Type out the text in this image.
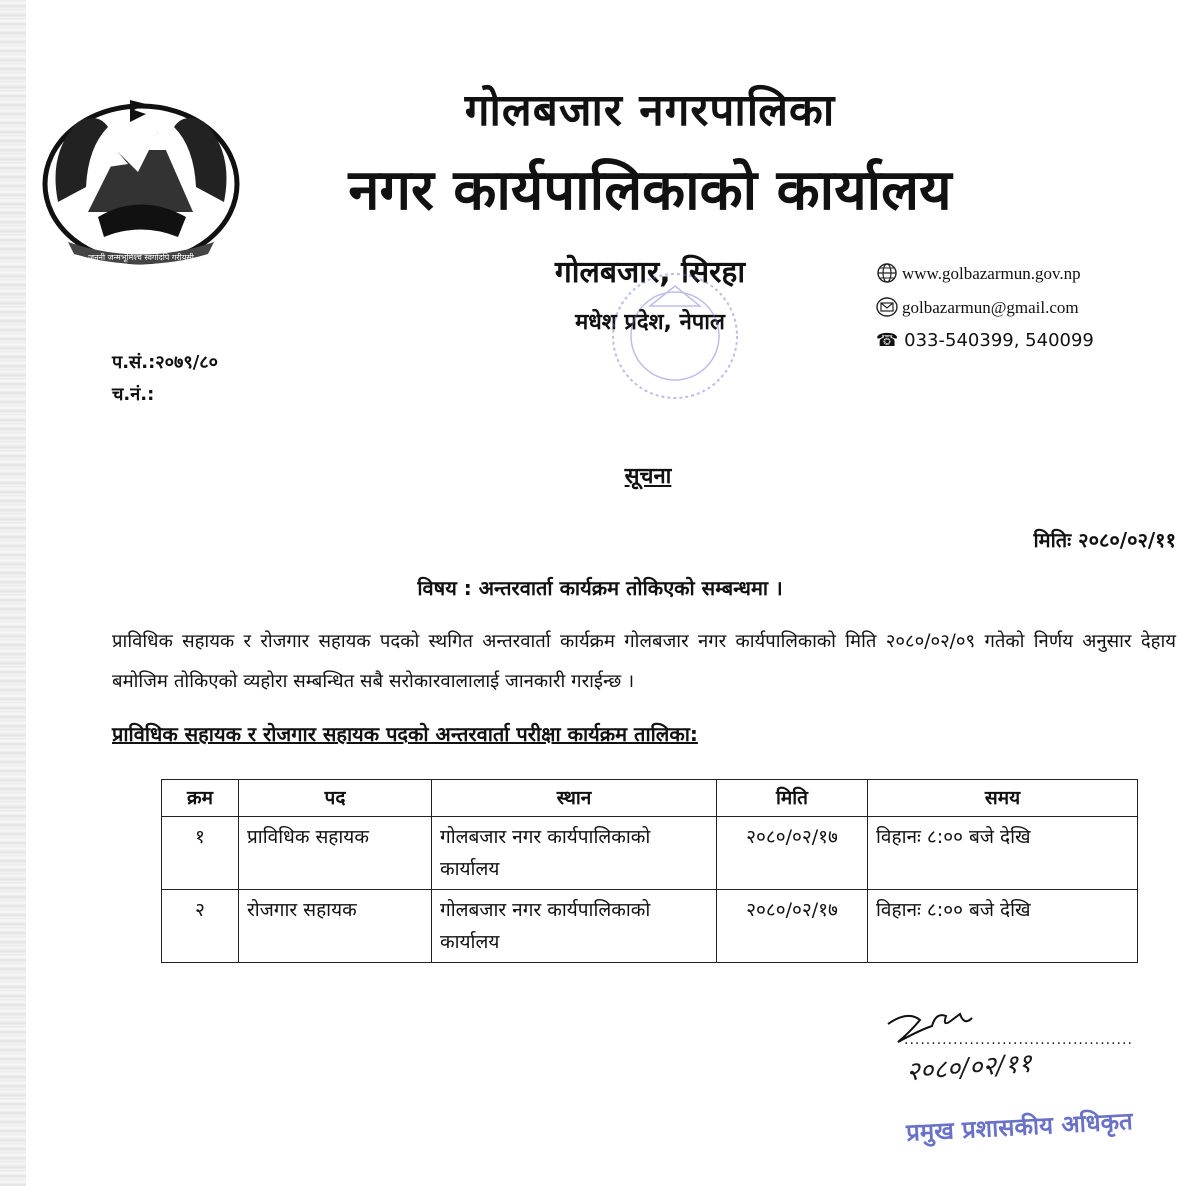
जननी जन्मभूमिश्च स्वर्गादपि गरीयसी
गोलबजार नगरपालिका
नगर कार्यपालिकाको कार्यालय
गोलबजार, सिरहा
मधेश प्रदेश, नेपाल
www.golbazarmun.gov.np
golbazarmun@gmail.com
☎ 033-540399, 540099
प.सं.:२०७९/८०
च.नं.:
सूचना
मितिः २०८०/०२/११
विषय : अन्तरवार्ता कार्यक्रम तोकिएको सम्बन्धमा ।
प्राविधिक सहायक र रोजगार सहायक पदको स्थगित अन्तरवार्ता कार्यक्रम गोलबजार नगर कार्यपालिकाको मिति २०८०/०२/०९ गतेको निर्णय अनुसार देहाय बमोजिम तोकिएको व्यहोरा सम्बन्धित सबै सरोकारवालालाई जानकारी गराईन्छ ।
प्राविधिक सहायक र रोजगार सहायक पदको अन्तरवार्ता परीक्षा कार्यक्रम तालिका:
क्रम	पद	स्थान	मिति	समय
१	प्राविधिक सहायक	गोलबजार नगर कार्यपालिकाको कार्यालय	२०८०/०२/१७	विहानः ८:०० बजे देखि
२	रोजगार सहायक	गोलबजार नगर कार्यपालिकाको कार्यालय	२०८०/०२/१७	विहानः ८:०० बजे देखि
..........................................
२०८०/०२/११
प्रमुख प्रशासकीय अधिकृत
